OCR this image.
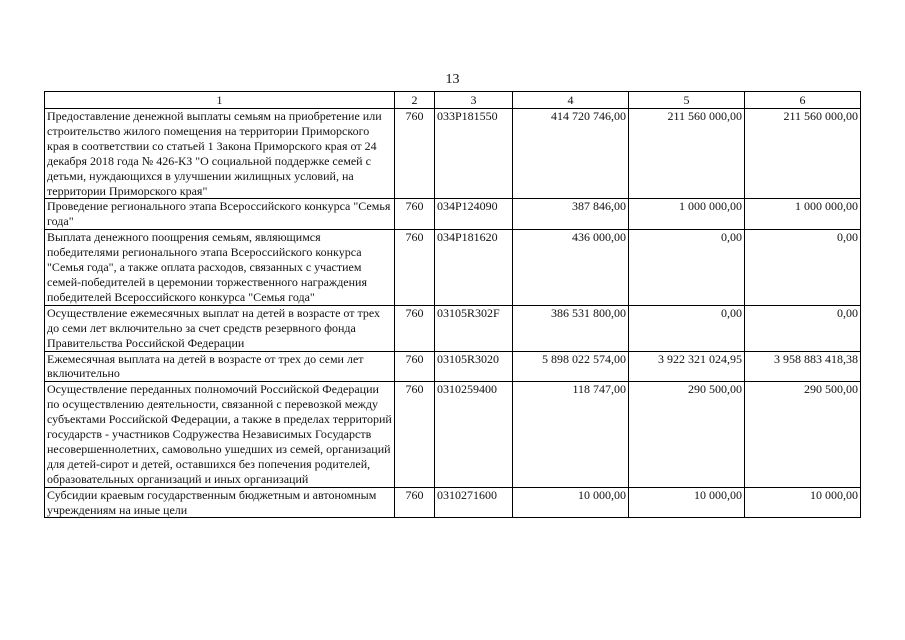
13
1	2	3	4	5	6
Предоставление денежной выплаты семьям на приобретение или строительство жилого помещения на территории Приморского края в соответствии со статьей 1 Закона Приморского края от 24 декабря 2018 года № 426-КЗ "О социальной поддержке семей с детьми, нуждающихся в улучшении жилищных условий, на территории Приморского края"	760	033P181550	414 720 746,00	211 560 000,00	211 560 000,00
Проведение регионального этапа Всероссийского конкурса "Семья года"	760	034P124090	387 846,00	1 000 000,00	1 000 000,00
Выплата денежного поощрения семьям, являющимся победителями регионального этапа Всероссийского конкурса "Семья года", а также оплата расходов, связанных с участием семей-победителей в церемонии торжественного награждения победителей Всероссийского конкурса "Семья года"	760	034P181620	436 000,00	0,00	0,00
Осуществление ежемесячных выплат на детей в возрасте от трех до семи лет включительно за счет средств резервного фонда Правительства Российской Федерации	760	03105R302F	386 531 800,00	0,00	0,00
Ежемесячная выплата на детей в возрасте от трех до семи лет включительно	760	03105R3020	5 898 022 574,00	3 922 321 024,95	3 958 883 418,38
Осуществление переданных полномочий Российской Федерации по осуществлению деятельности, связанной с перевозкой между субъектами Российской Федерации, а также в пределах территорий государств - участников Содружества Независимых Государств несовершеннолетних, самовольно ушедших из семей, организаций для детей-сирот и детей, оставшихся без попечения родителей, образовательных организаций и иных организаций	760	0310259400	118 747,00	290 500,00	290 500,00
Субсидии краевым государственным бюджетным и автономным учреждениям на иные цели	760	0310271600	10 000,00	10 000,00	10 000,00
